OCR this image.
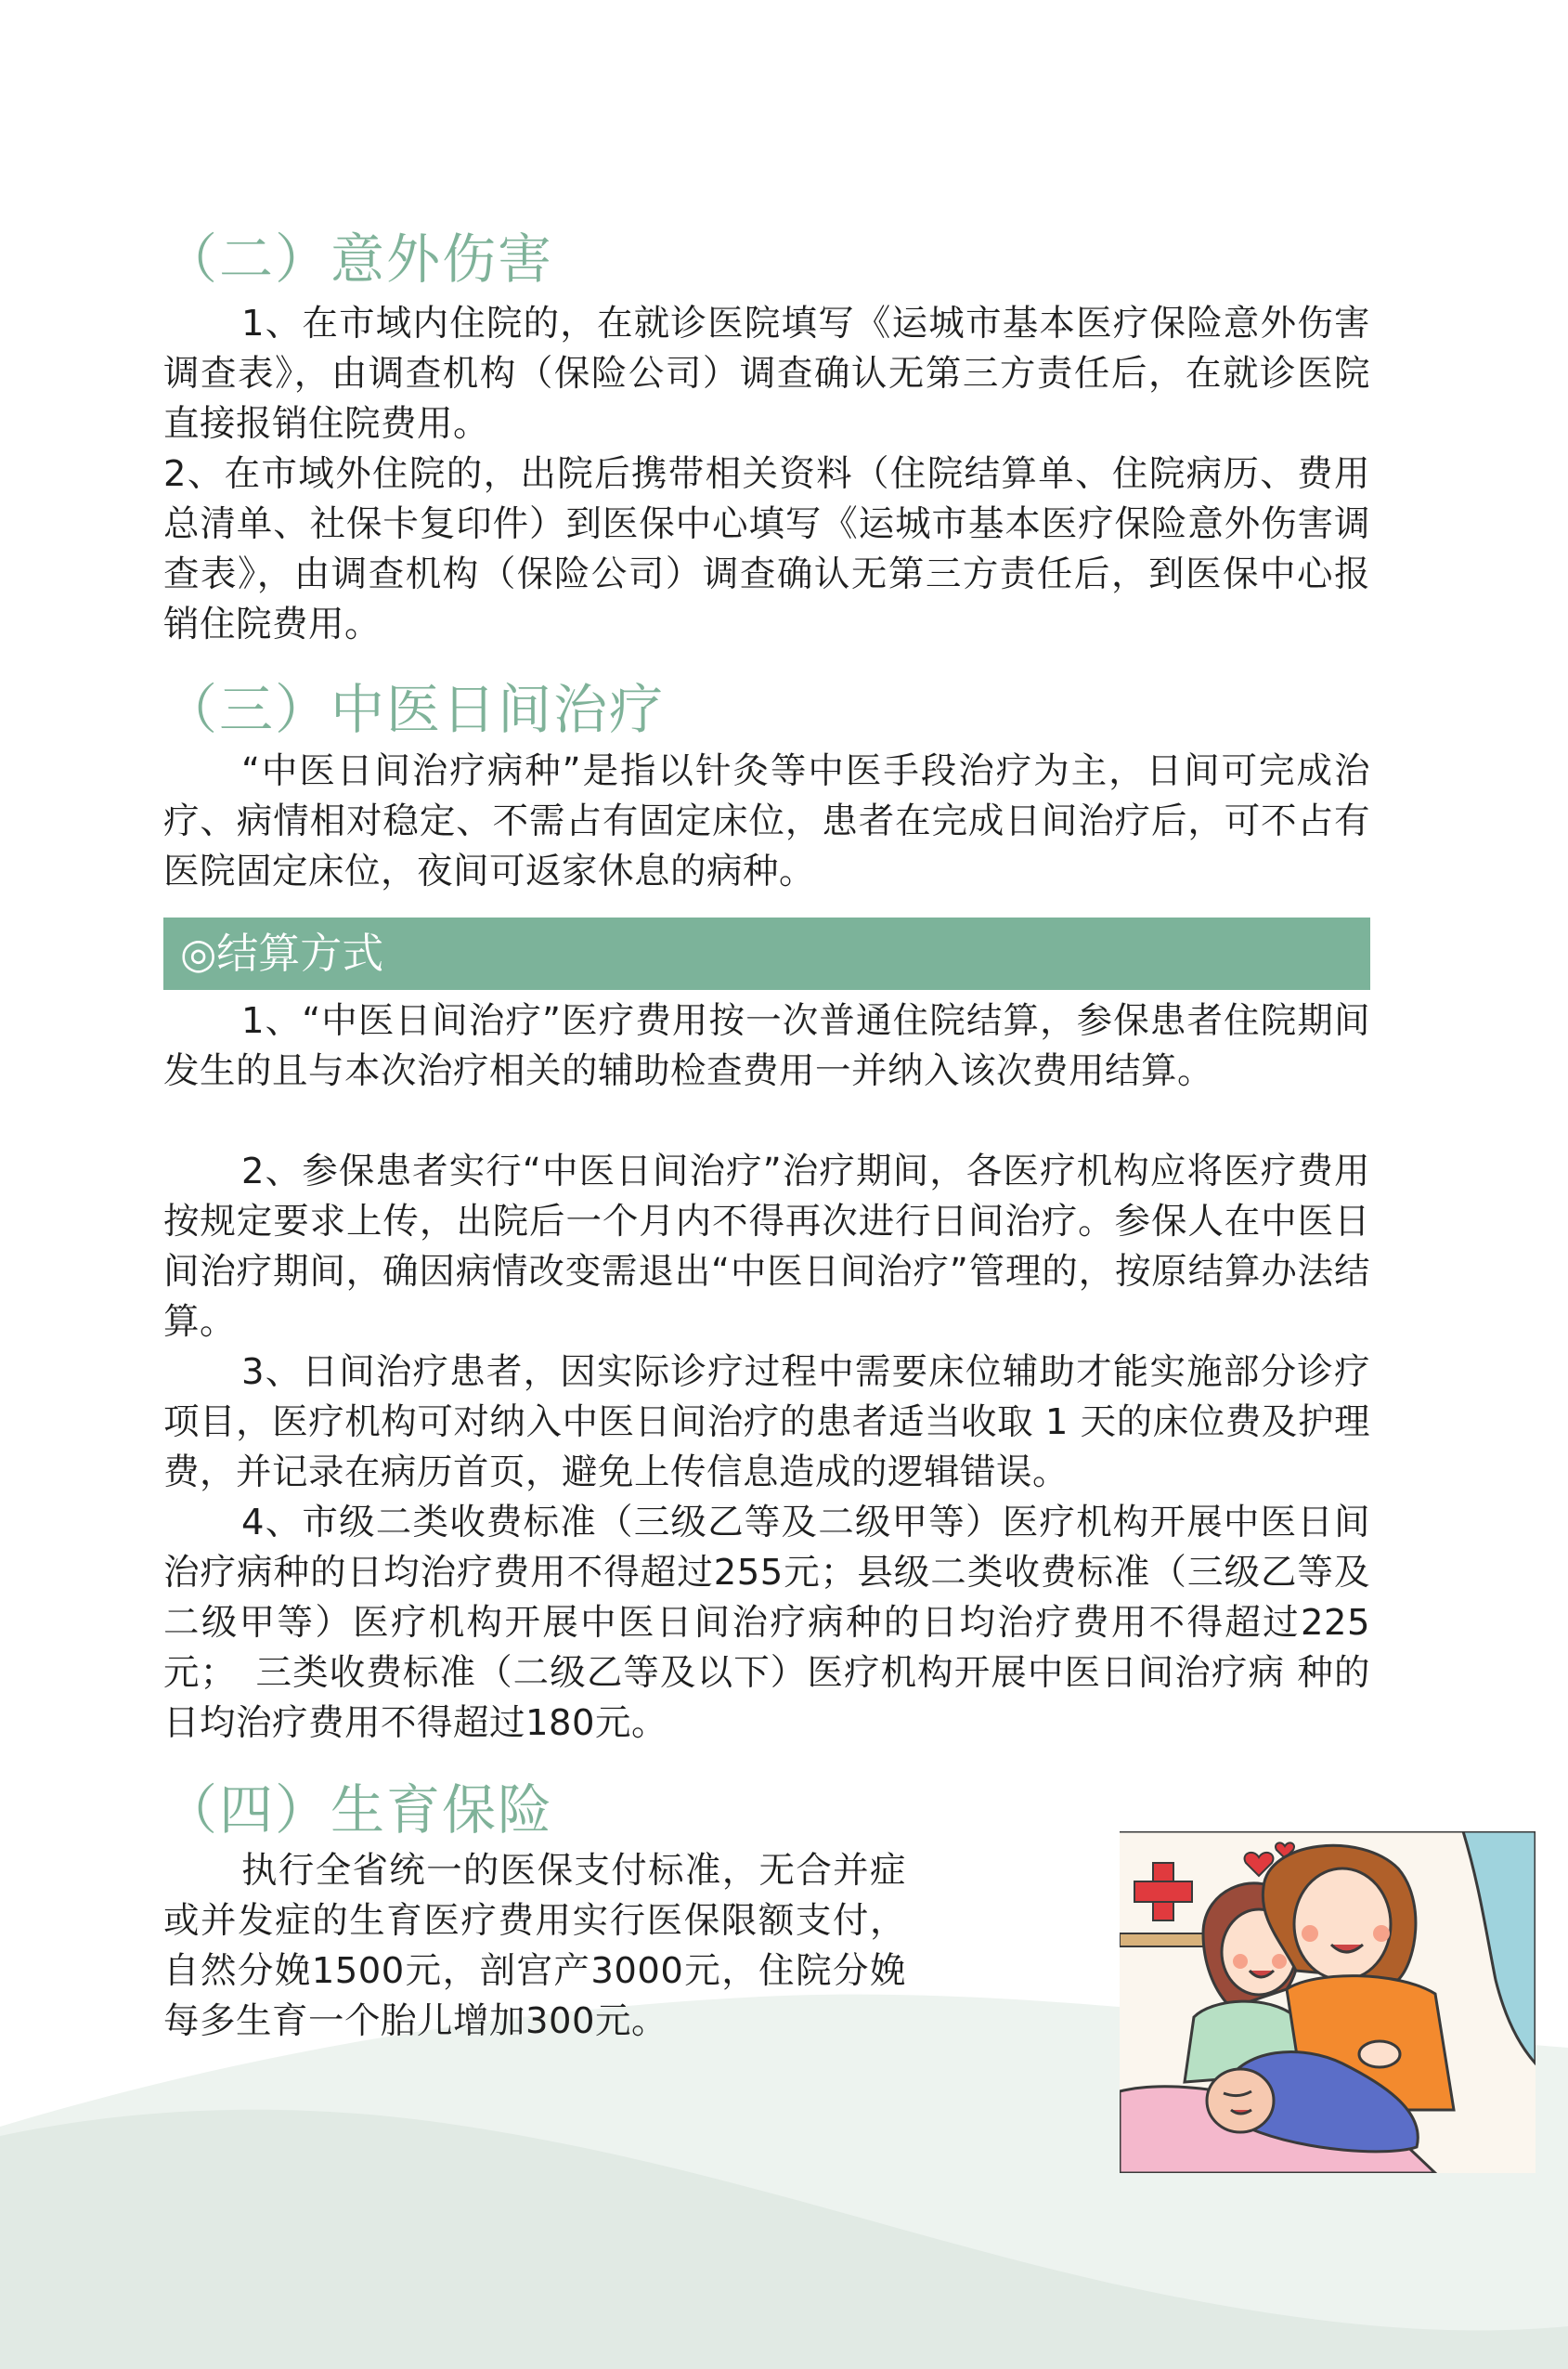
（二）意外伤害

1、在市域内住院的，在就诊医院填写《运城市基本医疗保险意外伤害调查表》，由调查机构（保险公司）调查确认无第三方责任后，在就诊医院直接报销住院费用。

2、在市域外住院的，出院后携带相关资料（住院结算单、住院病历、费用总清单、社保卡复印件）到医保中心填写《运城市基本医疗保险意外伤害调查表》，由调查机构（保险公司）调查确认无第三方责任后，到医保中心报销住院费用。

（三）中医日间治疗

“中医日间治疗病种”是指以针灸等中医手段治疗为主，日间可完成治疗、病情相对稳定、不需占有固定床位，患者在完成日间治疗后，可不占有医院固定床位，夜间可返家休息的病种。

◎结算方式

1、“中医日间治疗”医疗费用按一次普通住院结算，参保患者住院期间发生的且与本次治疗相关的辅助检查费用一并纳入该次费用结算。

2、参保患者实行“中医日间治疗”治疗期间，各医疗机构应将医疗费用按规定要求上传，出院后一个月内不得再次进行日间治疗。参保人在中医日间治疗期间，确因病情改变需退出“中医日间治疗”管理的，按原结算办法结算。

3、日间治疗患者，因实际诊疗过程中需要床位辅助才能实施部分诊疗项目，医疗机构可对纳入中医日间治疗的患者适当收取 1 天的床位费及护理费，并记录在病历首页，避免上传信息造成的逻辑错误。

4、市级二类收费标准（三级乙等及二级甲等）医疗机构开展中医日间治疗病种的日均治疗费用不得超过255元；县级二类收费标准（三级乙等及二级甲等）医疗机构开展中医日间治疗病种的日均治疗费用不得超过225元；　三类收费标准（二级乙等及以下）医疗机构开展中医日间治疗病 种的日均治疗费用不得超过180元。

（四）生育保险

执行全省统一的医保支付标准，无合并症或并发症的生育医疗费用实行医保限额支付，自然分娩1500元，剖宫产3000元，住院分娩每多生育一个胎儿增加300元。
